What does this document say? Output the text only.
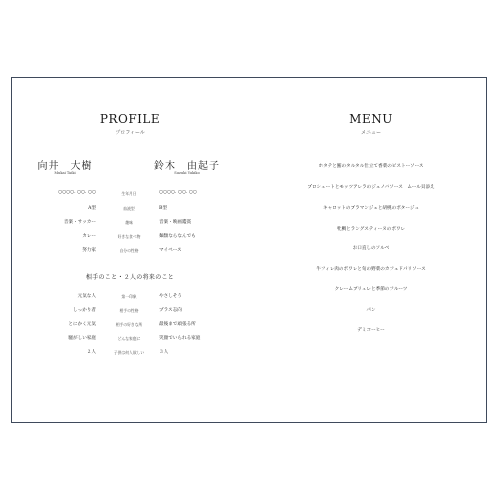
PROFILE
プロフィール
向井　大樹
Mukai Taiki
鈴木　由起子
Suzuki Yukiko
○○○○. ○○. ○○	生年月日	○○○○. ○○. ○○
A型	血液型	B型
音楽・サッカー	趣味	音楽・映画鑑賞
カレー	好きな食べ物	麺類ならなんでも
努力家	自分の性格	マイペース
相手のこと・２人の将来のこと
元気な人	第一印象	やさしそう
しっかり者	相手の性格	プラス志向
とにかく元気	相手の好きな所	最後まで頑張る所
騒がしい家庭	どんな家庭に	笑顔でいられる家庭
２人	子供は何人欲しい	３人
MENU
メニュー
ホタテと鮪のタルタル仕立て香菜のピストーソース
プロシュートとモッツアレラのジェノバソース　ムール貝添え
キャロットのブラマンジェと胡桃のポタージュ
牝鯛とラングスティーヌのポワレ
お口直しのソルベ
牛フィレ肉のポワレと旬の野菜のカフェドパリソース
クレームブリュレと季節のフルーツ
パン
デミコーヒー
